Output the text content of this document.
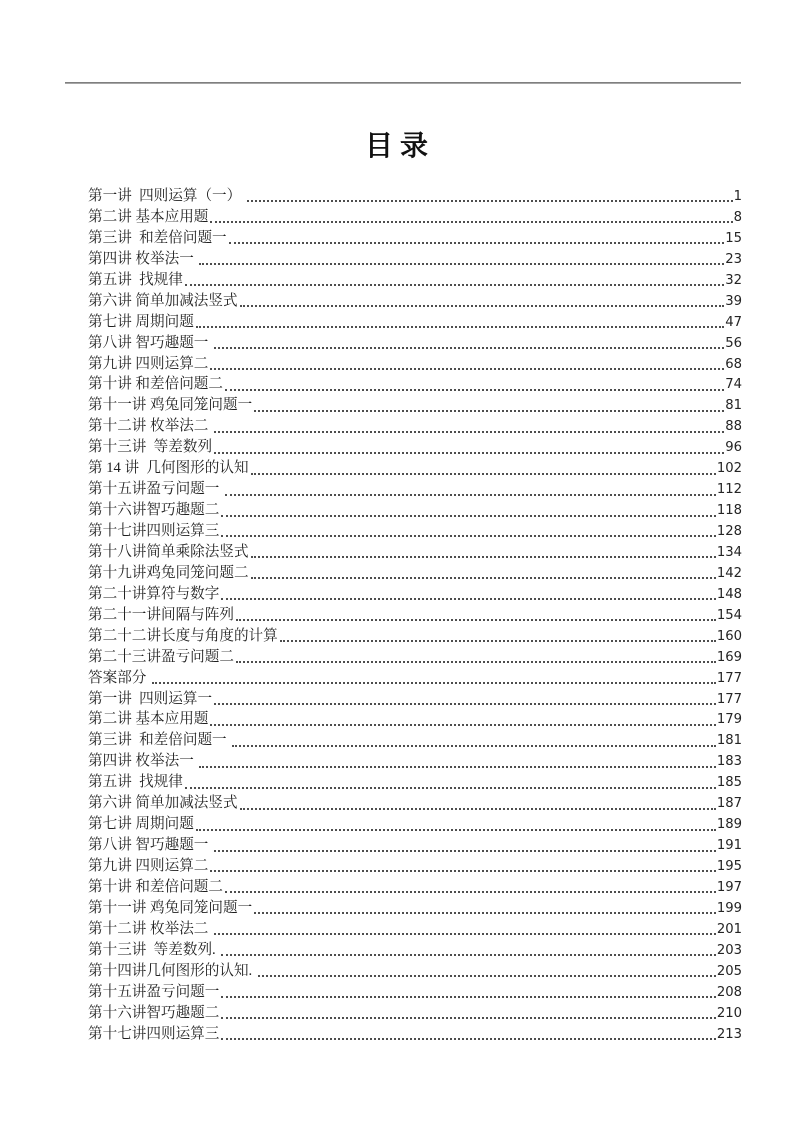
目录
第一讲  四则运算（一）	1
第二讲 基本应用题	8
第三讲  和差倍问题一	15
第四讲 枚举法一	23
第五讲  找规律	32
第六讲 简单加减法竖式	39
第七讲 周期问题	47
第八讲 智巧趣题一	56
第九讲 四则运算二	68
第十讲 和差倍问题二	74
第十一讲 鸡兔同笼问题一	81
第十二讲 枚举法二	88
第十三讲  等差数列	96
第 14 讲  几何图形的认知	102
第十五讲盈亏问题一	112
第十六讲智巧趣题二	118
第十七讲四则运算三	128
第十八讲简单乘除法竖式	134
第十九讲鸡兔同笼问题二	142
第二十讲算符与数字	148
第二十一讲间隔与阵列	154
第二十二讲长度与角度的计算	160
第二十三讲盈亏问题二	169
答案部分	177
第一讲  四则运算一	177
第二讲 基本应用题	179
第三讲  和差倍问题一	181
第四讲 枚举法一	183
第五讲  找规律	185
第六讲 简单加减法竖式	187
第七讲 周期问题	189
第八讲 智巧趣题一	191
第九讲 四则运算二	195
第十讲 和差倍问题二	197
第十一讲 鸡兔同笼问题一	199
第十二讲 枚举法二	201
第十三讲  等差数列.	203
第十四讲几何图形的认知.	205
第十五讲盈亏问题一	208
第十六讲智巧趣题二	210
第十七讲四则运算三	213
